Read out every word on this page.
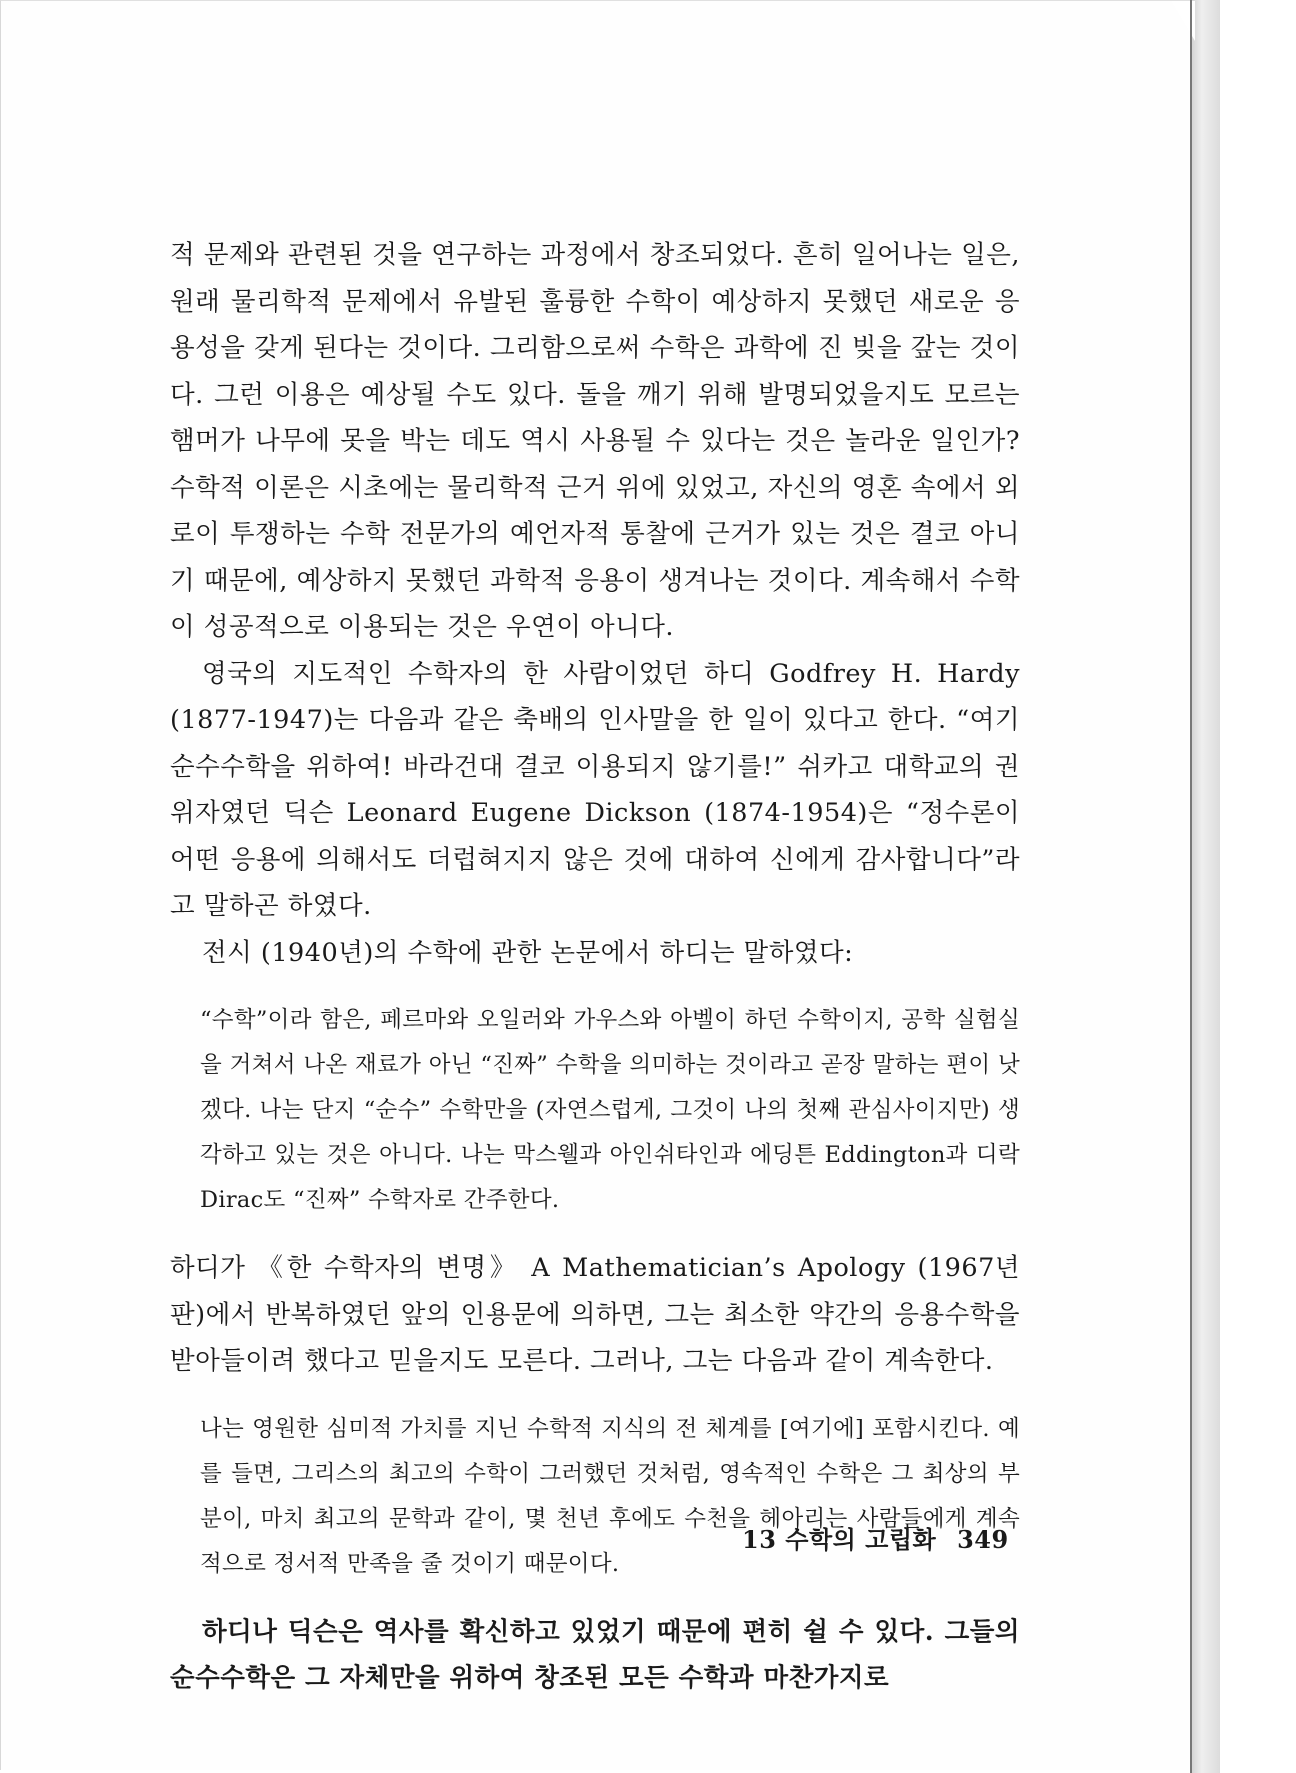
적 문제와 관련된 것을 연구하는 과정에서 창조되었다. 흔히 일어나는 일은, 원래 물리학적 문제에서 유발된 훌륭한 수학이 예상하지 못했던 새로운 응용성을 갖게 된다는 것이다. 그리함으로써 수학은 과학에 진 빚을 갚는 것이다. 그런 이용은 예상될 수도 있다. 돌을 깨기 위해 발명되었을지도 모르는 햄머가 나무에 못을 박는 데도 역시 사용될 수 있다는 것은 놀라운 일인가? 수학적 이론은 시초에는 물리학적 근거 위에 있었고, 자신의 영혼 속에서 외로이 투쟁하는 수학 전문가의 예언자적 통찰에 근거가 있는 것은 결코 아니기 때문에, 예상하지 못했던 과학적 응용이 생겨나는 것이다. 계속해서 수학이 성공적으로 이용되는 것은 우연이 아니다.

영국의 지도적인 수학자의 한 사람이었던 하디 Godfrey H. Hardy (1877-1947)는 다음과 같은 축배의 인사말을 한 일이 있다고 한다. “여기 순수수학을 위하여! 바라건대 결코 이용되지 않기를!” 쉬카고 대학교의 권위자였던 딕슨 Leonard Eugene Dickson (1874-1954)은 “정수론이 어떤 응용에 의해서도 더럽혀지지 않은 것에 대하여 신에게 감사합니다”라고 말하곤 하였다.

전시 (1940년)의 수학에 관한 논문에서 하디는 말하였다:

“수학”이라 함은, 페르마와 오일러와 가우스와 아벨이 하던 수학이지, 공학 실험실을 거쳐서 나온 재료가 아닌 “진짜” 수학을 의미하는 것이라고 곧장 말하는 편이 낫겠다. 나는 단지 “순수” 수학만을 (자연스럽게, 그것이 나의 첫째 관심사이지만) 생각하고 있는 것은 아니다. 나는 막스웰과 아인쉬타인과 에딩튼 Eddington과 디락 Dirac도 “진짜” 수학자로 간주한다.

하디가 《한 수학자의 변명》 A Mathematician’s Apology (1967년판)에서 반복하였던 앞의 인용문에 의하면, 그는 최소한 약간의 응용수학을 받아들이려 했다고 믿을지도 모른다. 그러나, 그는 다음과 같이 계속한다.

나는 영원한 심미적 가치를 지닌 수학적 지식의 전 체계를 [여기에] 포함시킨다. 예를 들면, 그리스의 최고의 수학이 그러했던 것처럼, 영속적인 수학은 그 최상의 부분이, 마치 최고의 문학과 같이, 몇 천년 후에도 수천을 헤아리는 사람들에게 계속적으로 정서적 만족을 줄 것이기 때문이다.

하디나 딕슨은 역사를 확신하고 있었기 때문에 편히 쉴 수 있다. 그들의 순수수학은 그 자체만을 위하여 창조된 모든 수학과 마찬가지로

13 수학의 고립화 349
